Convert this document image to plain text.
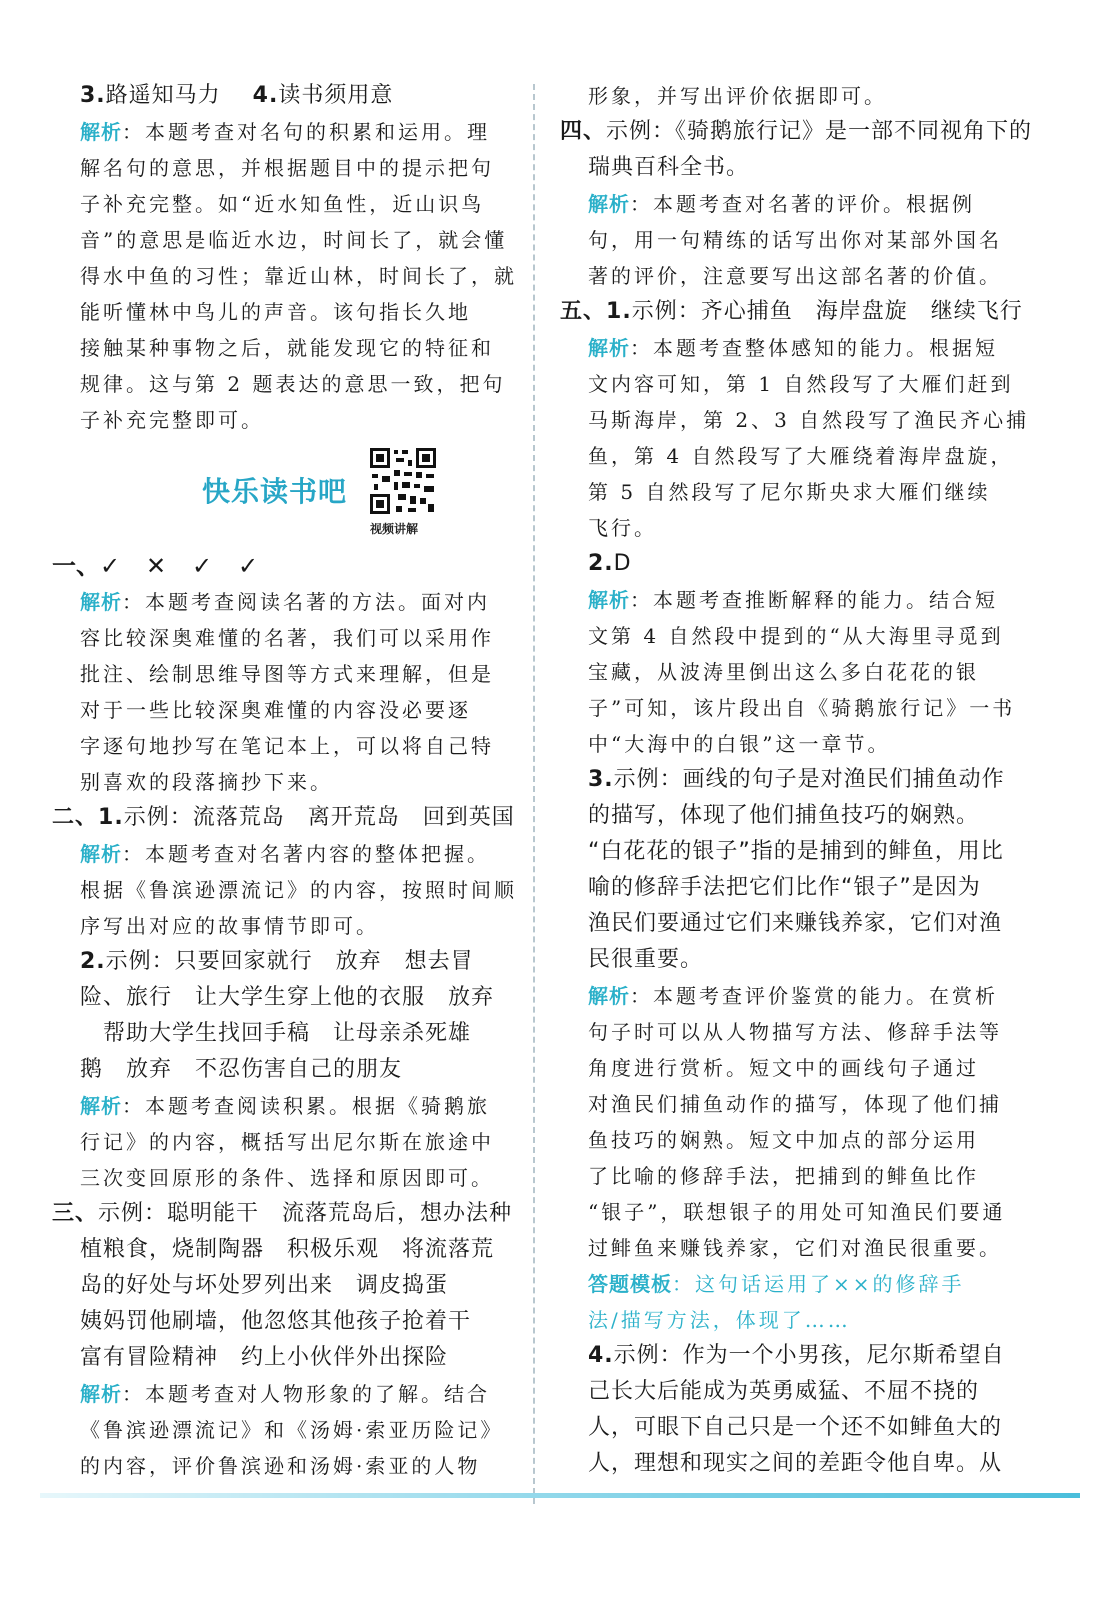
3.路遥知马力 4.读书须用意
解析：本题考查对名句的积累和运用。理
解名句的意思，并根据题目中的提示把句
子补充完整。如“近水知鱼性，近山识鸟
音”的意思是临近水边，时间长了，就会懂
得水中鱼的习性；靠近山林，时间长了，就
能听懂林中鸟儿的声音。该句指长久地
接触某种事物之后，就能发现它的特征和
规律。这与第 2 题表达的意思一致，把句
子补充完整即可。
快乐读书吧
视频讲解
一、✓ ✕ ✓ ✓
解析：本题考查阅读名著的方法。面对内
容比较深奥难懂的名著，我们可以采用作
批注、绘制思维导图等方式来理解，但是
对于一些比较深奥难懂的内容没必要逐
字逐句地抄写在笔记本上，可以将自己特
别喜欢的段落摘抄下来。
二、1.示例：流落荒岛　离开荒岛　回到英国
解析：本题考查对名著内容的整体把握。
根据《鲁滨逊漂流记》的内容，按照时间顺
序写出对应的故事情节即可。
2.示例：只要回家就行　放弃　想去冒
险、旅行　让大学生穿上他的衣服　放弃
　帮助大学生找回手稿　让母亲杀死雄
鹅　放弃　不忍伤害自己的朋友
解析：本题考查阅读积累。根据《骑鹅旅
行记》的内容，概括写出尼尔斯在旅途中
三次变回原形的条件、选择和原因即可。
三、示例：聪明能干　流落荒岛后，想办法种
植粮食，烧制陶器　积极乐观　将流落荒
岛的好处与坏处罗列出来　调皮捣蛋
姨妈罚他刷墙，他忽悠其他孩子抢着干
富有冒险精神　约上小伙伴外出探险
解析：本题考查对人物形象的了解。结合
《鲁滨逊漂流记》和《汤姆·索亚历险记》
的内容，评价鲁滨逊和汤姆·索亚的人物
形象，并写出评价依据即可。
四、示例：《骑鹅旅行记》是一部不同视角下的
瑞典百科全书。
解析：本题考查对名著的评价。根据例
句，用一句精练的话写出你对某部外国名
著的评价，注意要写出这部名著的价值。
五、1.示例：齐心捕鱼　海岸盘旋　继续飞行
解析：本题考查整体感知的能力。根据短
文内容可知，第 1 自然段写了大雁们赶到
马斯海岸，第 2、3 自然段写了渔民齐心捕
鱼，第 4 自然段写了大雁绕着海岸盘旋，
第 5 自然段写了尼尔斯央求大雁们继续
飞行。
2.D
解析：本题考查推断解释的能力。结合短
文第 4 自然段中提到的“从大海里寻觅到
宝藏，从波涛里倒出这么多白花花的银
子”可知，该片段出自《骑鹅旅行记》一书
中“大海中的白银”这一章节。
3.示例：画线的句子是对渔民们捕鱼动作
的描写，体现了他们捕鱼技巧的娴熟。
“白花花的银子”指的是捕到的鲱鱼，用比
喻的修辞手法把它们比作“银子”是因为
渔民们要通过它们来赚钱养家，它们对渔
民很重要。
解析：本题考查评价鉴赏的能力。在赏析
句子时可以从人物描写方法、修辞手法等
角度进行赏析。短文中的画线句子通过
对渔民们捕鱼动作的描写，体现了他们捕
鱼技巧的娴熟。短文中加点的部分运用
了比喻的修辞手法，把捕到的鲱鱼比作
“银子”，联想银子的用处可知渔民们要通
过鲱鱼来赚钱养家，它们对渔民很重要。
答题模板：这句话运用了××的修辞手
法/描写方法，体现了……
4.示例：作为一个小男孩，尼尔斯希望自
己长大后能成为英勇威猛、不屈不挠的
人，可眼下自己只是一个还不如鲱鱼大的
人，理想和现实之间的差距令他自卑。从
